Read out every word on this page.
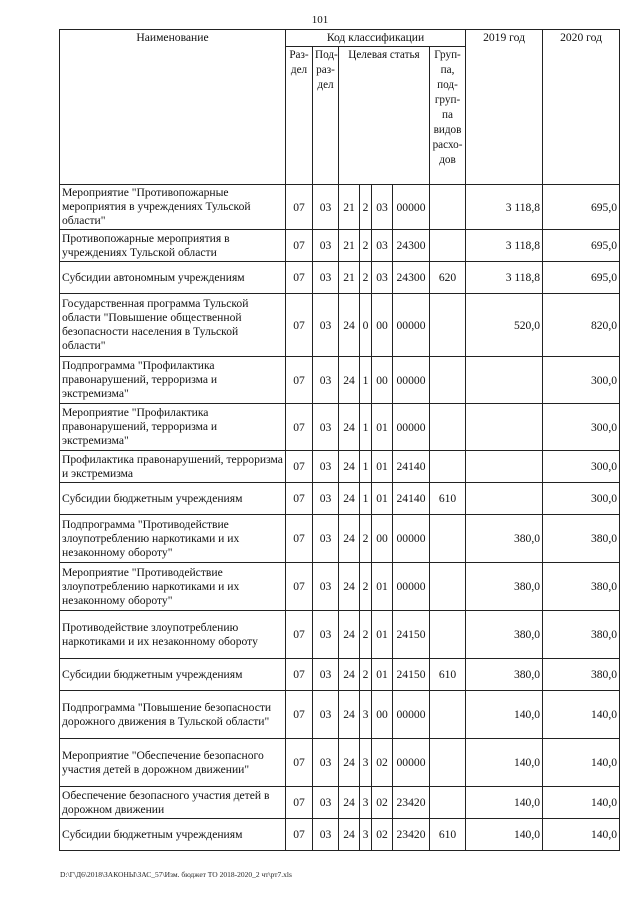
101
Наименование	Код классификации							2019 год	2020 год
	Раз-дел	Под-раз-дел	Целевая статья				Груп-па, под-груп-па видов расхо-дов		
Мероприятие "Противопожарные мероприятия в учреждениях Тульской области"	07	03	21	2	03	00000		3 118,8	695,0
Противопожарные мероприятия в учреждениях Тульской области	07	03	21	2	03	24300		3 118,8	695,0
Субсидии автономным учреждениям	07	03	21	2	03	24300	620	3 118,8	695,0
Государственная программа Тульской области "Повышение общественной безопасности населения в Тульской области"	07	03	24	0	00	00000		520,0	820,0
Подпрограмма "Профилактика правонарушений, терроризма и экстремизма"	07	03	24	1	00	00000			300,0
Мероприятие "Профилактика правонарушений, терроризма и экстремизма"	07	03	24	1	01	00000			300,0
Профилактика правонарушений, терроризма и экстремизма	07	03	24	1	01	24140			300,0
Субсидии бюджетным учреждениям	07	03	24	1	01	24140	610		300,0
Подпрограмма "Противодействие злоупотреблению наркотиками и их незаконному обороту"	07	03	24	2	00	00000		380,0	380,0
Мероприятие "Противодействие злоупотреблению наркотиками и их незаконному обороту"	07	03	24	2	01	00000		380,0	380,0
Противодействие злоупотреблению наркотиками и их незаконному обороту	07	03	24	2	01	24150		380,0	380,0
Субсидии бюджетным учреждениям	07	03	24	2	01	24150	610	380,0	380,0
Подпрограмма "Повышение безопасности дорожного движения в Тульской области"	07	03	24	3	00	00000		140,0	140,0
Мероприятие "Обеспечение безопасного участия детей в дорожном движении"	07	03	24	3	02	00000		140,0	140,0
Обеспечение безопасного участия детей в дорожном движении	07	03	24	3	02	23420		140,0	140,0
Субсидии бюджетным учреждениям	07	03	24	3	02	23420	610	140,0	140,0
D:\Г\Д6\2018\ЗАКОНЫ\ЗАС_57\Изм. бюджет ТО 2018-2020_2 чт\рт7.xls
